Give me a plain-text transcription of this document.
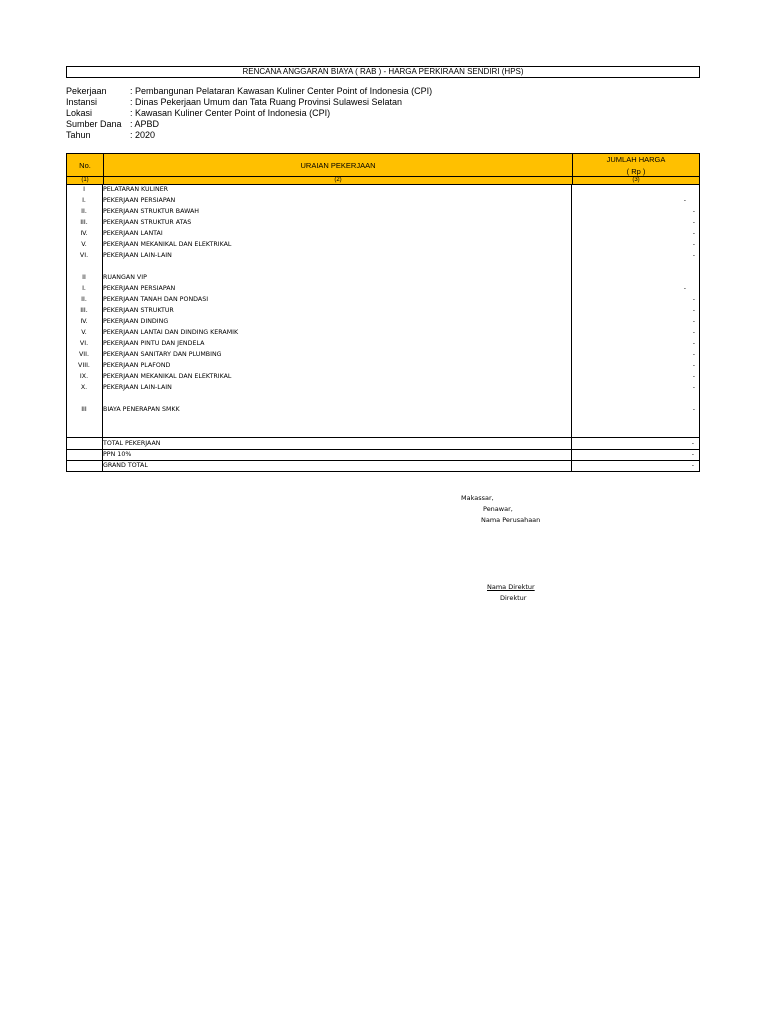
RENCANA ANGGARAN BIAYA ( RAB ) - HARGA PERKIRAAN SENDIRI (HPS)
Pekerjaan	: Pembangunan Pelataran Kawasan Kuliner Center Point of Indonesia (CPI)
Instansi	: Dinas Pekerjaan Umum dan Tata Ruang Provinsi Sulawesi Selatan
Lokasi	: Kawasan Kuliner Center Point of Indonesia (CPI)
Sumber Dana : APBD
Tahun	: 2020
No.	URAIAN PEKERJAAN
JUMLAH HARGA
( Rp )
(1)	(2)	(3)
I	PELATARAN KULINER
I.	PEKERJAAN PERSIAPAN	-
II.	PEKERJAAN STRUKTUR BAWAH	-
III.	PEKERJAAN STRUKTUR ATAS	-
IV.	PEKERJAAN LANTAI	-
V.	PEKERJAAN MEKANIKAL DAN ELEKTRIKAL	-
VI.	PEKERJAAN LAIN-LAIN	-
II	RUANGAN VIP
I.	PEKERJAAN PERSIAPAN	-
II.	PEKERJAAN TANAH DAN PONDASI	-
III.	PEKERJAAN STRUKTUR	-
IV.	PEKERJAAN DINDING	-
V.	PEKERJAAN LANTAI DAN DINDING KERAMIK	-
VI.	PEKERJAAN PINTU DAN JENDELA	-
VII.	PEKERJAAN SANITARY DAN PLUMBING	-
VIII.	PEKERJAAN PLAFOND	-
IX.	PEKERJAAN MEKANIKAL DAN ELEKTRIKAL	-
X.	PEKERJAAN LAIN-LAIN	-
III	BIAYA PENERAPAN SMKK	-
TOTAL PEKERJAAN	-
PPN 10%	-
GRAND TOTAL	-
Makassar,
Penawar,
Nama Perusahaan
Nama Direktur
Direktur
